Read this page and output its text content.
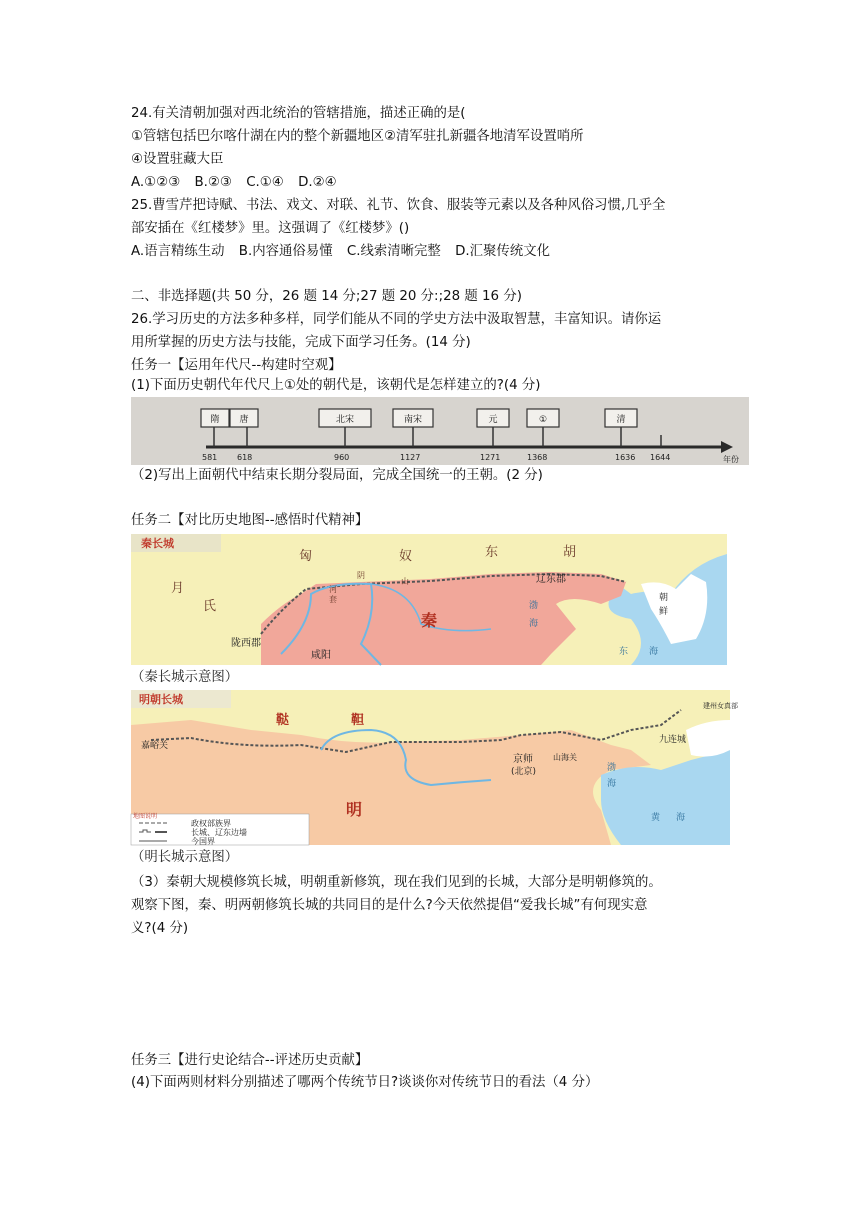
24.有关清朝加强对西北统治的管辖措施，描述正确的是(
①管辖包括巴尔喀什湖在内的整个新疆地区②清军驻扎新疆各地清军设置哨所
④设置驻藏大臣
A.①②③ B.②③ C.①④ D.②④
25.曹雪芹把诗赋、书法、戏文、对联、礼节、饮食、服装等元素以及各种风俗习惯,几乎全
部安插在《红楼梦》里。这强调了《红楼梦》()
A.语言精练生动 B.内容通俗易懂 C.线索清晰完整 D.汇聚传统文化
二、非选择题(共 50 分，26 题 14 分;27 题 20 分:;28 题 16 分)
26.学习历史的方法多种多样，同学们能从不同的学史方法中汲取智慧，丰富知识。请你运
用所掌握的历史方法与技能，完成下面学习任务。(14 分)
任务一【运用年代尺--构建时空观】
(1)下面历史朝代年代尺上①处的朝代是，该朝代是怎样建立的?(4 分)
隋
581
唐
618
北宋
960
南宋
1127
元
1271
①
1368
清
1636 1644	年份
（2)写出上面朝代中结束长期分裂局面，完成全国统一的王朝。(2 分)
任务二【对比历史地图--感悟时代精神】
秦长城
匈	奴	东	胡
月
氏
阴
山
河
套
辽东郡
秦
朝
鲜
陇西郡
咸阳
渤
海
东 海
（秦长城示意图）
明朝长城
鞑	靼
建州女真部
嘉峪关
九连城
京师
(北京)
山海关
渤
海
明	黄 海
地图说明
政权部族界
长城、辽东边墙
今国界
（明长城示意图）
（3）秦朝大规模修筑长城，明朝重新修筑，现在我们见到的长城，大部分是明朝修筑的。
观察下图，秦、明两朝修筑长城的共同目的是什么?今天依然提倡“爱我长城”有何现实意
义?(4 分)
任务三【进行史论结合--评述历史贡献】
(4)下面两则材料分别描述了哪两个传统节日?谈谈你对传统节日的看法（4 分）
